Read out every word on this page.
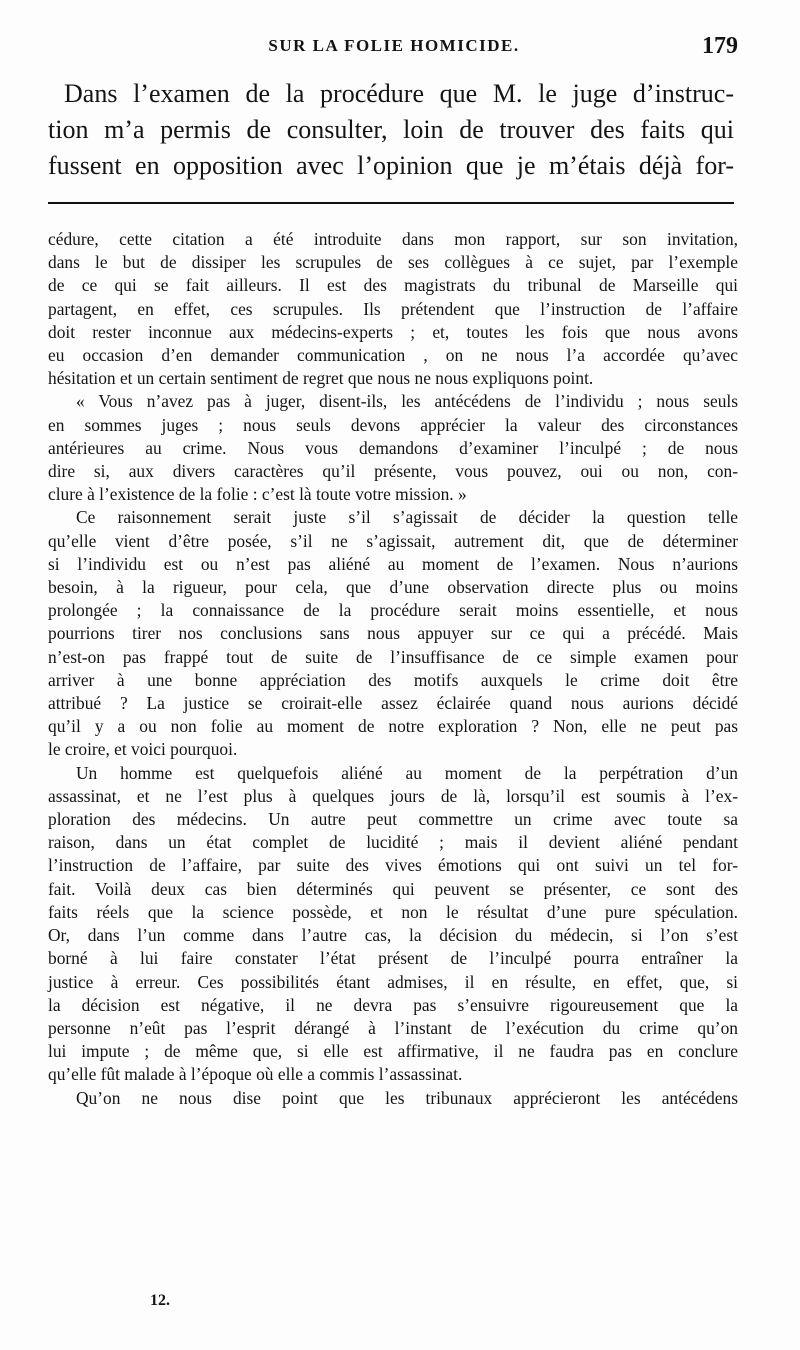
SUR LA FOLIE HOMICIDE.	179
Dans l’examen de la procédure que M. le juge d’instruc-
tion m’a permis de consulter, loin de trouver des faits qui
fussent en opposition avec l’opinion que je m’étais déjà for-
cédure, cette citation a été introduite dans mon rapport, sur son invitation,
dans le but de dissiper les scrupules de ses collègues à ce sujet, par l’exemple
de ce qui se fait ailleurs. Il est des magistrats du tribunal de Marseille qui
partagent, en effet, ces scrupules. Ils prétendent que l’instruction de l’affaire
doit rester inconnue aux médecins-experts ; et, toutes les fois que nous avons
eu occasion d’en demander communication , on ne nous l’a accordée qu’avec
hésitation et un certain sentiment de regret que nous ne nous expliquons point.
« Vous n’avez pas à juger, disent-ils, les antécédens de l’individu ; nous seuls
en sommes juges ; nous seuls devons apprécier la valeur des circonstances
antérieures au crime. Nous vous demandons d’examiner l’inculpé ; de nous
dire si, aux divers caractères qu’il présente, vous pouvez, oui ou non, con-
clure à l’existence de la folie : c’est là toute votre mission. »
Ce raisonnement serait juste s’il s’agissait de décider la question telle
qu’elle vient d’être posée, s’il ne s’agissait, autrement dit, que de déterminer
si l’individu est ou n’est pas aliéné au moment de l’examen. Nous n’aurions
besoin, à la rigueur, pour cela, que d’une observation directe plus ou moins
prolongée ; la connaissance de la procédure serait moins essentielle, et nous
pourrions tirer nos conclusions sans nous appuyer sur ce qui a précédé. Mais
n’est-on pas frappé tout de suite de l’insuffisance de ce simple examen pour
arriver à une bonne appréciation des motifs auxquels le crime doit être
attribué ? La justice se croirait-elle assez éclairée quand nous aurions décidé
qu’il y a ou non folie au moment de notre exploration ? Non, elle ne peut pas
le croire, et voici pourquoi.
Un homme est quelquefois aliéné au moment de la perpétration d’un
assassinat, et ne l’est plus à quelques jours de là, lorsqu’il est soumis à l’ex-
ploration des médecins. Un autre peut commettre un crime avec toute sa
raison, dans un état complet de lucidité ; mais il devient aliéné pendant
l’instruction de l’affaire, par suite des vives émotions qui ont suivi un tel for-
fait. Voilà deux cas bien déterminés qui peuvent se présenter, ce sont des
faits réels que la science possède, et non le résultat d’une pure spéculation.
Or, dans l’un comme dans l’autre cas, la décision du médecin, si l’on s’est
borné à lui faire constater l’état présent de l’inculpé pourra entraîner la
justice à erreur. Ces possibilités étant admises, il en résulte, en effet, que, si
la décision est négative, il ne devra pas s’ensuivre rigoureusement que la
personne n’eût pas l’esprit dérangé à l’instant de l’exécution du crime qu’on
lui impute ; de même que, si elle est affirmative, il ne faudra pas en conclure
qu’elle fût malade à l’époque où elle a commis l’assassinat.
Qu’on ne nous dise point que les tribunaux apprécieront les antécédens
12.
